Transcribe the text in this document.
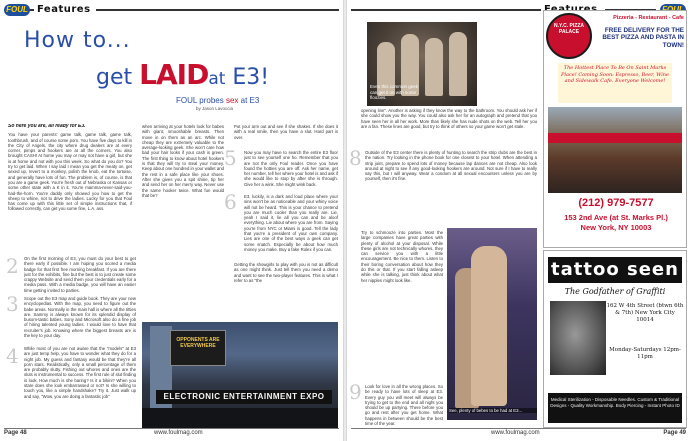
FOUL Features
How to...
get LAIDat E3!
FOUL probes sex at E3
by Jason Lavoccia

So here you are, all ready for E3.

You have your parents' game talk, game talk, game talk, toothbrush, and of course some porn. You have five days to kill in the City of Angels, the city where drug dealers are at every corner, pimps and hookers are at all the corners. You also brought CASH! At home you may or may not have a girl, but she is at home and not with you this week. So what do you do? You try to get laid. When I say laid I mean you get the meaty on, get sexed up, revert to a monkey, polish the knob, eat the tortoise, and generally have lots of fun. The problem is, of course, is that you are a game geek. You're fresh out of Nebraska or Kansas or some other state with a K in it. You're mamma-never-said-you-had-the-horn. You're daddy only showed you how to get the sheep to whine, not to drive the ladies. Lucky for you that Foul has come up with this little set of simple instructions that, if followed correctly, can get you some fine, L.A. ass.

2 On the first morning of E3, you must do your best to get there early if possible. I am hoping you scored a media badge for that first free morning breakfast. If you are there just for the exhibits, fine but the best is to just create some crappy Website and send them your credentials early for a media pass. With a media badge, you will have an easier time getting invited to parties.

3 Scope out the E3 map and guide book. They are your new encyclopedias. With the map, you need to figure out the babe areas. Normally in the main hall is where all the titties are. Sammy is always known for its splendid display of busom-tastic babes. Sony and Microsoft also do a fine job of hiring talented young ladies. I would love to have that recruiter's job. Knowing where the biggest breasts are is the key to your day.

4 While most of you are not aware that the "models" at E3 are just temp help, you have to wonder what they do for a night job. My guess and fantasy would be that they're all porn stars. Realistically, only a small percentage of them are probably slutty. Fishing out whores and ones are the sluts is instrumental to success. The first rule of slut finding is look. How much is she baring? Is it a bikini? When you stare does she look embarrassed or not? Is she willing to touch you, like a simple handshake? Try it. Just walk up and say, "Wow, you are doing a fantastic job"

when arriving at your hotels look for babes with giant, smooshable breasts. Then move in on them as an arc. While not cheap they are extremely valuable to the average-looking geek. She won't care how bad your hair looks if your cash is green. The first thing to know about hotel hookers is that they will try to steal your money. Keep about one hundred in your wallet and the rest in a safe place like your shoes. After she gives you a spit shine, tip her and send her on her merry way. Never use the same hooker twice. What fun would that be?

Put your arm out and see if she shakes. If she does it with a real smile, then you have a slut. Hard part is over.

5 Now you may have to search the entire E3 floor just to see yourself one ho. Remember that you are not the only Foul reader. Once you have found the hotties you are off. Ask her name, get her number, tell her where your hotel is and ask if she would like to stop by after she is through. Give her a wink. She might wink back.

6 E3, luckily, is a dark and loud place where your sins won't be as noticeable and your whiny voice will not be heard. This is your chance to pretend you are much cooler than you really are. Lie, yeah I said it, lie all you can and be aloof everything. Lie about where you are from. Saying you're from NYC or Miami is good. Tell the lady that you're a president of your own company. Lies are one of the best ways a geek can get some snatch. Especially be about how much money you make. Buy a fake Rolex if you can.

Getting the showgirls to play with you is not as difficult as one might think. Just tell them you need a demo and want to see the two-player features. This is what I refer to as "the

OPPONENTS ARE EVERYWHERE
ELECTRONIC ENTERTAINMENT EXPO
Page 48	www.foulmag.com
Even this common geek can get it on with some floozies.

opening line". Another is asking if they know the way to the bathroom. You should ask her if she could show you the way. You could also ask her for an autograph and pretend that you have seen her in all her work. More than likely she has nude shots on the web. Tell her you are a fan. These lines are good, but try to think of others so your game won't get stale.

8 Outside of the E3 center there is plenty of hunting to search the strip clubs are the best in the nation. Try looking in the phone book for one closest to your hotel. When attending a strip joint, prepare to spend lots of money because lap dances are not cheap. Also look around at night to see if any good-looking hookers are around. Not sure if I have to really say this, but I will anyway. Wear a condom at all sexual encounters unless you are by yourself, then it's fine.

Try to schmooze into parties. Most the large companies have great parties with plenty of alcohol at your disposal. While these girls are not technically whores, they can service you with a little encouragement. Be nice to them. Listen to their boring conversation about how they do this or that. If you start falling asleep while she is talking, just think about what her nipples might look like.

9 Look for love in all the wrong places. So be ready to have lots of sleep at E3. Every guy you will meet will always be trying to get to the end and all night you should be up partying. There before you go and rest after you get home. What happens in between should be the best time of the year.

See, plenty of bebes to be had at E3...
N.Y.C. PIZZA PALACE
Pizzeria - Restaurant - Cafe
FREE DELIVERY FOR THE BEST PIZZA AND PASTA IN TOWN!
The Hottest Place To Be On Saint Marks Place! Coming Soon: Espresso, Beer, Wine and Sidewalk Cafe. Everyone Welcome!
(212) 979-7577
153 2nd Ave (at St. Marks Pl.)
New York, NY 10003
tattoo seen
The Godfather of Graffiti
162 W 4th Street (btwn 6th & 7th) New York City 10014
Monday-Saturdays 12pm-11pm
Medical Sterilization - Disposable Needles. Custom & Traditional Designs - Quality Workmanship. Body Piercing - Instant Photo ID
www.foulmag.com	Page 49
